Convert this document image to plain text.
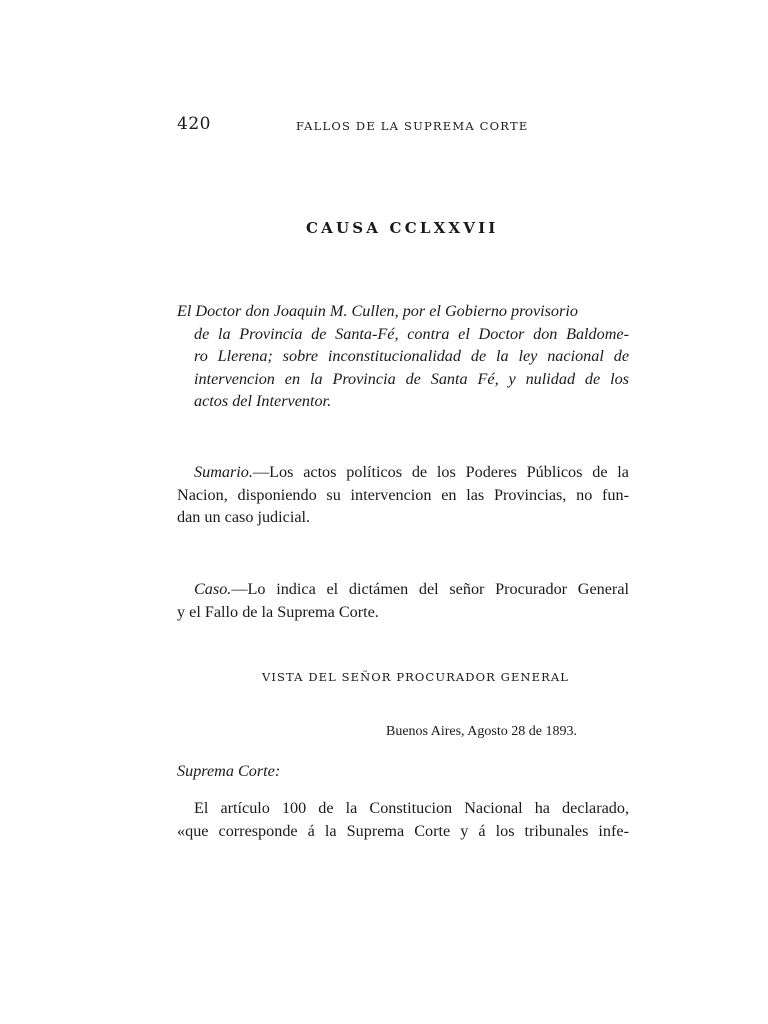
420	FALLOS DE LA SUPREMA CORTE
CAUSA CCLXXVII
El Doctor don Joaquin M. Cullen, por el Gobierno provisorio
de la Provincia de Santa-Fé, contra el Doctor don Baldome-
ro Llerena; sobre inconstitucionalidad de la ley nacional de
intervencion en la Provincia de Santa Fé, y nulidad de los
actos del Interventor.
Sumario.—Los actos políticos de los Poderes Públicos de la
Nacion, disponiendo su intervencion en las Provincias, no fun-
dan un caso judicial.
Caso.—Lo indica el dictámen del señor Procurador General
y el Fallo de la Suprema Corte.
VISTA DEL SEÑOR PROCURADOR GENERAL
Buenos Aires, Agosto 28 de 1893.
Suprema Corte:
El artículo 100 de la Constitucion Nacional ha declarado,
«que corresponde á la Suprema Corte y á los tribunales infe-
